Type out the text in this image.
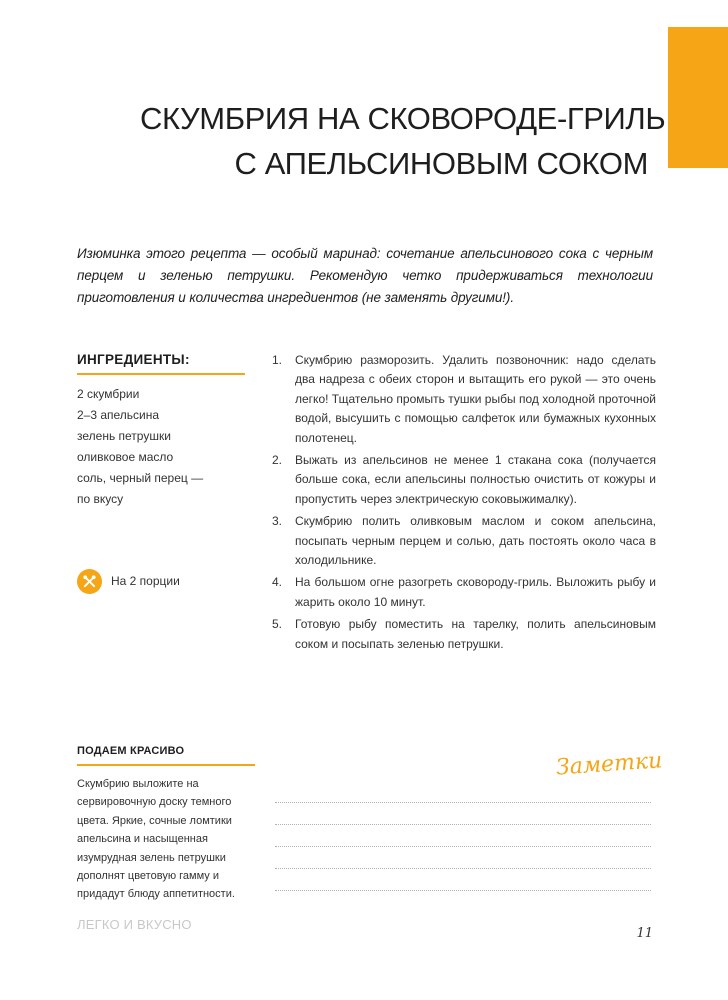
СКУМБРИЯ НА СКОВОРОДЕ-ГРИЛЬ
С АПЕЛЬСИНОВЫМ СОКОМ

Изюминка этого рецепта — особый маринад: сочетание апельсинового сока с черным перцем и зеленью петрушки. Рекомендую четко придерживаться технологии приготовления и количества ингредиентов (не заменять другими!).

ИНГРЕДИЕНТЫ:
2 скумбрии
2–3 апельсина
зелень петрушки
оливковое масло
соль, черный перец —
по вкусу
На 2 порции
1. Скумбрию разморозить. Удалить позвоночник: надо сделать два надреза с обеих сторон и вытащить его рукой — это очень легко! Тщательно промыть тушки рыбы под холодной проточной водой, высушить с помощью салфеток или бумажных кухонных полотенец.
2. Выжать из апельсинов не менее 1 стакана сока (получается больше сока, если апельсины полностью очистить от кожуры и пропустить через электрическую соковыжималку).
3. Скумбрию полить оливковым маслом и соком апельсина, посыпать черным перцем и солью, дать постоять около часа в холодильнике.
4. На большом огне разогреть сковороду-гриль. Выложить рыбу и жарить около 10 минут.
5. Готовую рыбу поместить на тарелку, полить апельсиновым соком и посыпать зеленью петрушки.
ПОДАЕМ КРАСИВО

Скумбрию выложите на сервировочную доску темного цвета. Яркие, сочные ломтики апельсина и насыщенная изумрудная зелень петрушки дополнят цветовую гамму и придадут блюду аппетитности.

Заметки
ЛЕГКО И ВКУСНО
11
